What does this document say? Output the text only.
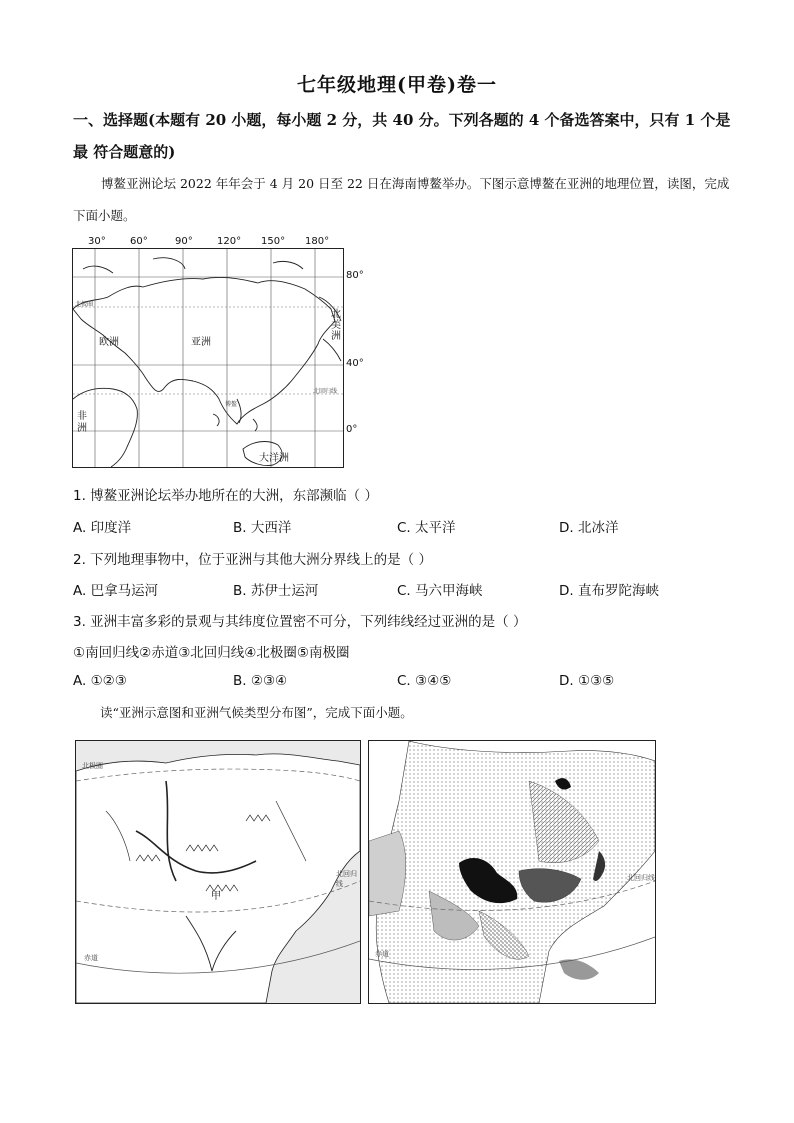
七年级地理(甲卷)卷一
一、选择题(本题有 20 小题，每小题 2 分，共 40 分。下列各题的 4 个备选答案中，只有 1 个是最 符合题意的)
博鳌亚洲论坛 2022 年年会于 4 月 20 日至 22 日在海南博鳌举办。下图示意博鳌在亚洲的地理位置，读图，完成下面小题。
30° 60°	90° 120° 150° 180°
欧洲	亚洲
北美洲
非洲
大洋洲
北极圈
北回归线
博鳌
80°
40°
0°
1. 博鳌亚洲论坛举办地所在的大洲，东部濒临（ ）
A. 印度洋	B. 大西洋	C. 太平洋	D. 北冰洋
2. 下列地理事物中，位于亚洲与其他大洲分界线上的是（ ）
A. 巴拿马运河	B. 苏伊士运河	C. 马六甲海峡	D. 直布罗陀海峡
3. 亚洲丰富多彩的景观与其纬度位置密不可分，下列纬线经过亚洲的是（ ）
①南回归线②赤道③北回归线④北极圈⑤南极圈
A. ①②③	B. ②③④	C. ③④⑤	D. ①③⑤
读“亚洲示意图和亚洲气候类型分布图”，完成下面小题。
北极圈
北回归线
赤道
甲
北回归线
赤道
